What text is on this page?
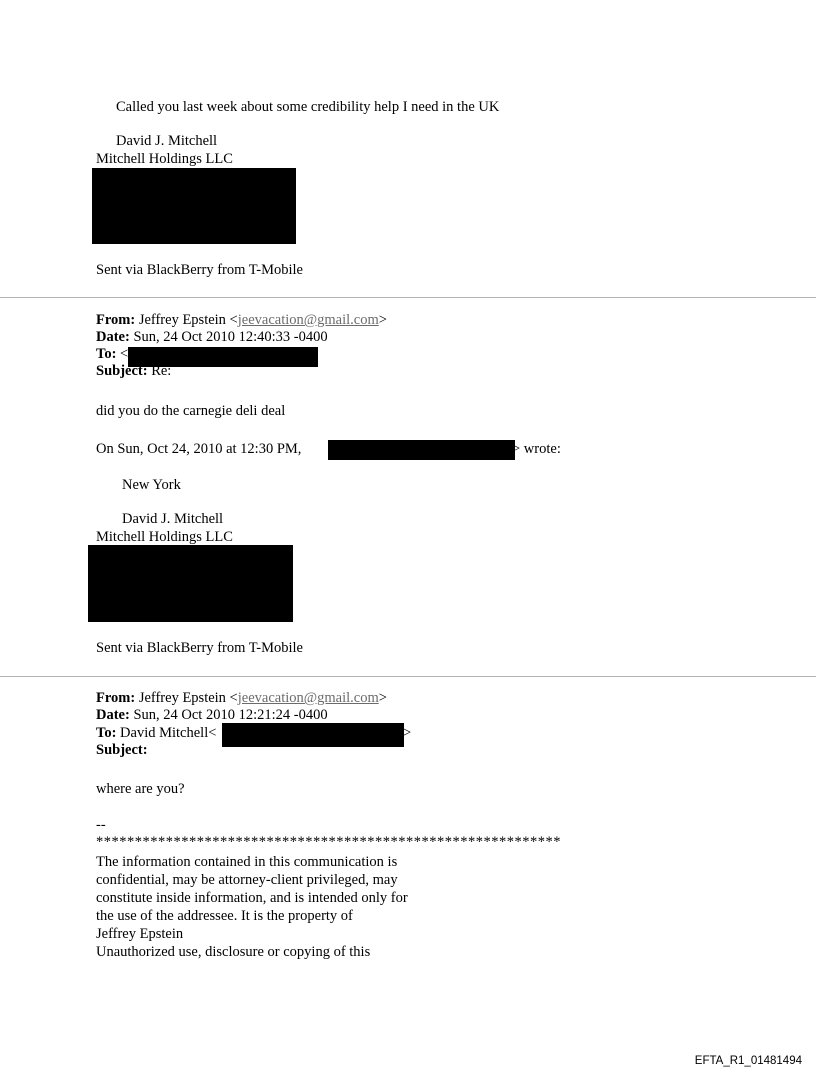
Called you last week about some credibility help I need in the UK
David J. Mitchell
Mitchell Holdings LLC
Sent via BlackBerry from T-Mobile
From: Jeffrey Epstein <jeevacation@gmail.com>
Date: Sun, 24 Oct 2010 12:40:33 -0400
To: <
Subject: Re:
did you do the carnegie deli deal
On Sun, Oct 24, 2010 at 12:30 PM,	> wrote:
New York
David J. Mitchell
Mitchell Holdings LLC
Sent via BlackBerry from T-Mobile
From: Jeffrey Epstein <jeevacation@gmail.com>
Date: Sun, 24 Oct 2010 12:21:24 -0400
To: David Mitchell<	>
Subject:
where are you?
--
************************************************************
The information contained in this communication is
confidential, may be attorney-client privileged, may
constitute inside information, and is intended only for
the use of the addressee. It is the property of
Jeffrey Epstein
Unauthorized use, disclosure or copying of this
EFTA_R1_01481494
